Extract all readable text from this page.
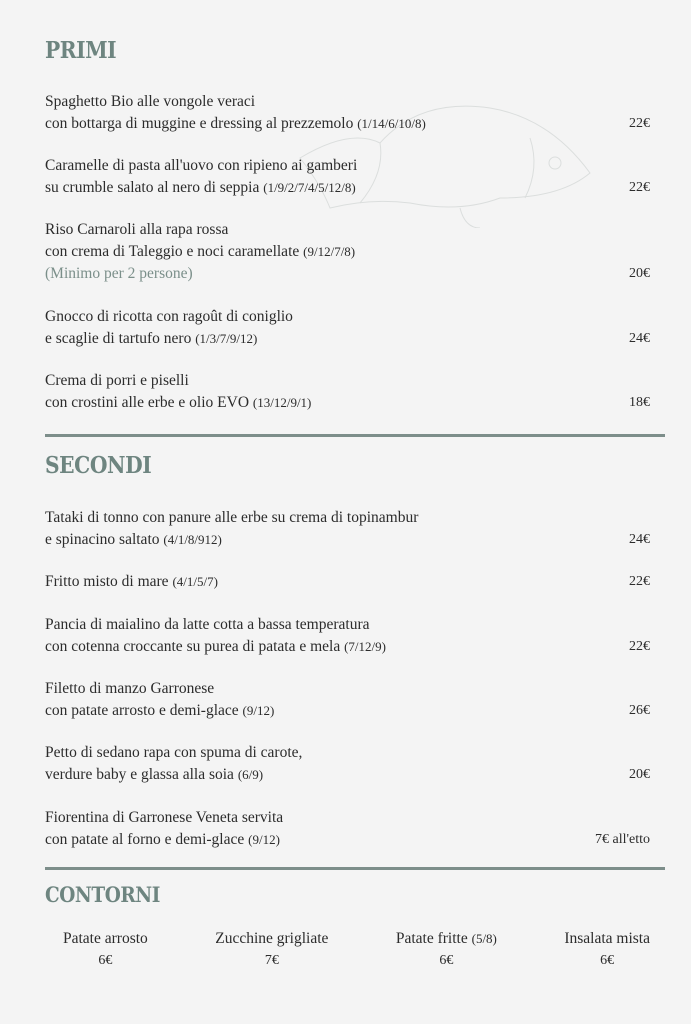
PRIMI
Spaghetto Bio alle vongole veraci
con bottarga di muggine e dressing al prezzemolo (1/14/6/10/8)	22€
Caramelle di pasta all'uovo con ripieno ai gamberi
su crumble salato al nero di seppia (1/9/2/7/4/5/12/8)	22€
Riso Carnaroli alla rapa rossa
con crema di Taleggio e noci caramellate (9/12/7/8)
(Minimo per 2 persone)	20€
Gnocco di ricotta con ragoût di coniglio
e scaglie di tartufo nero (1/3/7/9/12)	24€
Crema di porri e piselli
con crostini alle erbe e olio EVO (13/12/9/1)	18€
SECONDI
Tataki di tonno con panure alle erbe su crema di topinambur
e spinacino saltato (4/1/8/912)	24€
Fritto misto di mare (4/1/5/7)	22€
Pancia di maialino da latte cotta a bassa temperatura
con cotenna croccante su purea di patata e mela (7/12/9)	22€
Filetto di manzo Garronese
con patate arrosto e demi-glace (9/12)	26€
Petto di sedano rapa con spuma di carote,
verdure baby e glassa alla soia (6/9)	20€
Fiorentina di Garronese Veneta servita
con patate al forno e demi-glace (9/12)	7€ all'etto
CONTORNI
Patate arrosto
6€
Zucchine grigliate
7€
Patate fritte (5/8)
6€
Insalata mista
6€
